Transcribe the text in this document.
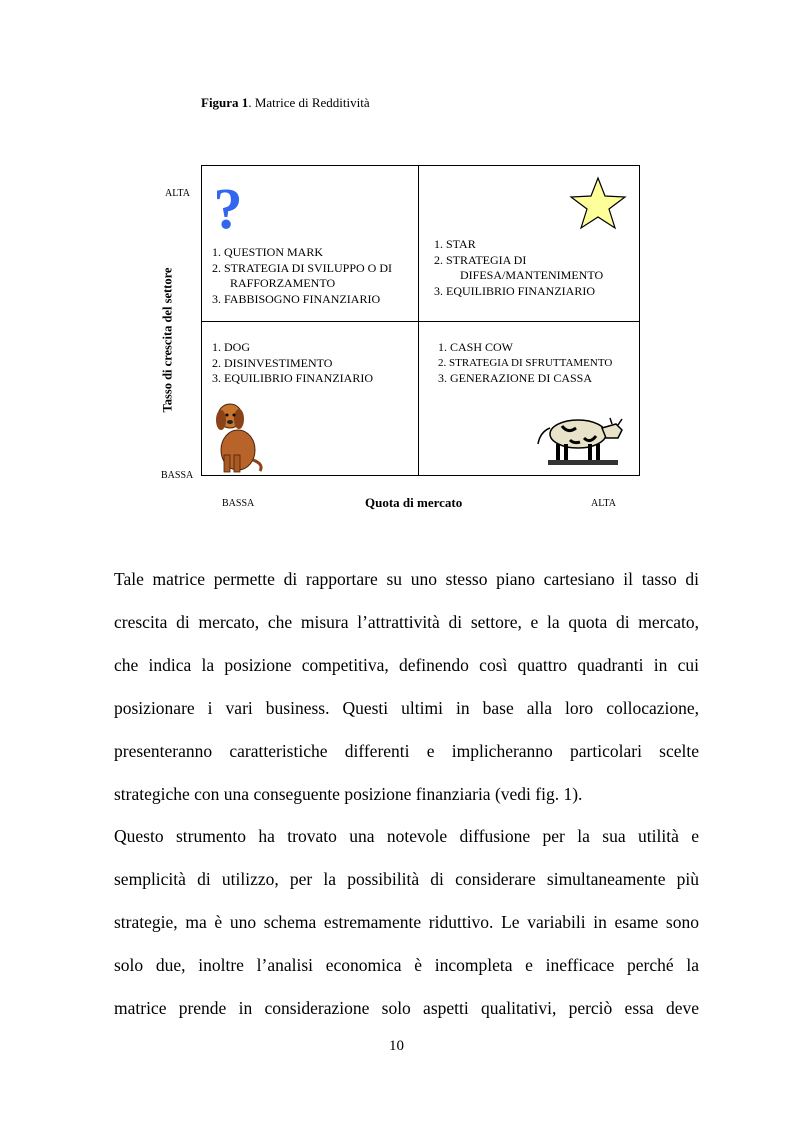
Figura 1. Matrice di Redditività
ALTA
BASSA
Tasso di crescita del settore
BASSA	ALTA
Quota di mercato
?
1. QUESTION MARK
2. STRATEGIA DI SVILUPPO O DI
RAFFORZAMENTO
3. FABBISOGNO FINANZIARIO
1. STAR
2. STRATEGIA DI
DIFESA/MANTENIMENTO
3. EQUILIBRIO FINANZIARIO
1. DOG
2. DISINVESTIMENTO
3. EQUILIBRIO FINANZIARIO
1. CASH COW
2. STRATEGIA DI SFRUTTAMENTO
3. GENERAZIONE DI CASSA
Tale matrice permette di rapportare su uno stesso piano cartesiano il tasso di
crescita di mercato, che misura l’attrattività di settore, e la quota di mercato,
che indica la posizione competitiva, definendo così quattro quadranti in cui
posizionare i vari business. Questi ultimi in base alla loro collocazione,
presenteranno caratteristiche differenti e implicheranno particolari scelte
strategiche con una conseguente posizione finanziaria (vedi fig. 1).
Questo strumento ha trovato una notevole diffusione per la sua utilità e
semplicità di utilizzo, per la possibilità di considerare simultaneamente più
strategie, ma è uno schema estremamente riduttivo. Le variabili in esame sono
solo due, inoltre l’analisi economica è incompleta e inefficace perché la
matrice prende in considerazione solo aspetti qualitativi, perciò essa deve
10
